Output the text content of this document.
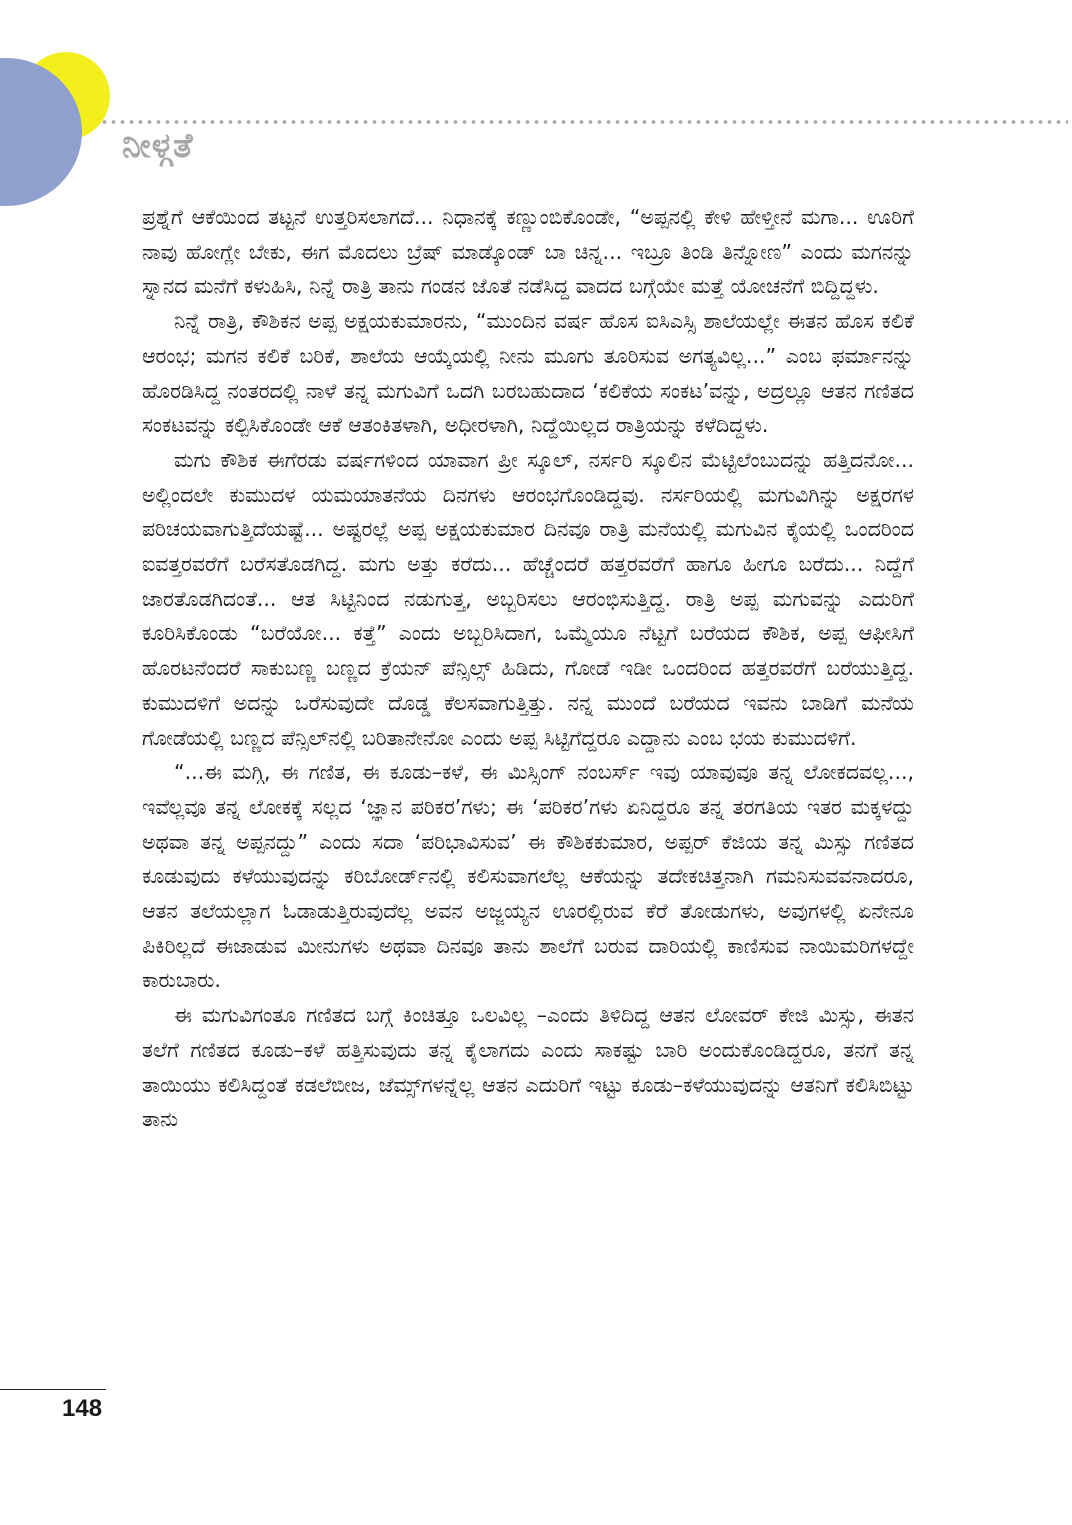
ನೀಳ್ಗತೆ

ಪ್ರಶ್ನೆಗೆ ಆಕೆಯಿಂದ ತಟ್ಟನೆ ಉತ್ತರಿಸಲಾಗದೆ... ನಿಧಾನಕ್ಕೆ ಕಣ್ಣುಂಬಿಕೊಂಡೇ, “ಅಪ್ಪನಲ್ಲಿ ಕೇಳಿ ಹೇಳ್ತೀನೆ ಮಗಾ... ಊರಿಗೆ ನಾವು ಹೋಗ್ಲೇ ಬೇಕು, ಈಗ ಮೊದಲು ಬ್ರೆಷ್ ಮಾಡ್ಕೊಂಡ್ ಬಾ ಚಿನ್ನ... ಇಬ್ರೂ ತಿಂಡಿ ತಿನ್ನೋಣ” ಎಂದು ಮಗನನ್ನು ಸ್ನಾನದ ಮನೆಗೆ ಕಳುಹಿಸಿ, ನಿನ್ನೆ ರಾತ್ರಿ ತಾನು ಗಂಡನ ಜೊತೆ ನಡೆಸಿದ್ದ ವಾದದ ಬಗ್ಗೆಯೇ ಮತ್ತೆ ಯೋಚನೆಗೆ ಬಿದ್ದಿದ್ದಳು.

ನಿನ್ನೆ ರಾತ್ರಿ, ಕೌಶಿಕನ ಅಪ್ಪ ಅಕ್ಷಯಕುಮಾರನು, “ಮುಂದಿನ ವರ್ಷ ಹೊಸ ಐಸಿಎಸ್ಸಿ ಶಾಲೆಯಲ್ಲೇ ಈತನ ಹೊಸ ಕಲಿಕೆ ಆರಂಭ; ಮಗನ ಕಲಿಕೆ ಬರಿಕೆ, ಶಾಲೆಯ ಆಯ್ಕೆಯಲ್ಲಿ ನೀನು ಮೂಗು ತೂರಿಸುವ ಅಗತ್ಯವಿಲ್ಲ...” ಎಂಬ ಫರ್ಮಾನನ್ನು ಹೊರಡಿಸಿದ್ದ ನಂತರದಲ್ಲಿ ನಾಳೆ ತನ್ನ ಮಗುವಿಗೆ ಒದಗಿ ಬರಬಹುದಾದ ‘ಕಲಿಕೆಯ ಸಂಕಟ’ವನ್ನು, ಅದ್ರಲ್ಲೂ ಆತನ ಗಣಿತದ ಸಂಕಟವನ್ನು ಕಲ್ಪಿಸಿಕೊಂಡೇ ಆಕೆ ಆತಂಕಿತಳಾಗಿ, ಅಧೀರಳಾಗಿ, ನಿದ್ದೆಯಿಲ್ಲದ ರಾತ್ರಿಯನ್ನು ಕಳೆದಿದ್ದಳು.

ಮಗು ಕೌಶಿಕ ಈಗೆರಡು ವರ್ಷಗಳಿಂದ ಯಾವಾಗ ಪ್ರೀ ಸ್ಕೂಲ್, ನರ್ಸರಿ ಸ್ಕೂಲಿನ ಮೆಟ್ಟಿಲೆಂಬುದನ್ನು ಹತ್ತಿದನೋ... ಅಲ್ಲಿಂದಲೇ ಕುಮುದಳ ಯಮಯಾತನೆಯ ದಿನಗಳು ಆರಂಭಗೊಂಡಿದ್ದವು. ನರ್ಸರಿಯಲ್ಲಿ ಮಗುವಿಗಿನ್ನು ಅಕ್ಷರಗಳ ಪರಿಚಯವಾಗುತ್ತಿದೆಯಷ್ಟೆ... ಅಷ್ಟರಲ್ಲೆ ಅಪ್ಪ ಅಕ್ಷಯಕುಮಾರ ದಿನವೂ ರಾತ್ರಿ ಮನೆಯಲ್ಲಿ ಮಗುವಿನ ಕೈಯಲ್ಲಿ ಒಂದರಿಂದ ಐವತ್ತರವರೆಗೆ ಬರೆಸತೊಡಗಿದ್ದ. ಮಗು ಅತ್ತು ಕರೆದು... ಹೆಚ್ಚೆಂದರೆ ಹತ್ತರವರೆಗೆ ಹಾಗೂ ಹೀಗೂ ಬರೆದು... ನಿದ್ದೆಗೆ ಜಾರತೊಡಗಿದಂತೆ... ಆತ ಸಿಟ್ಟಿನಿಂದ ನಡುಗುತ್ತ, ಅಬ್ಬರಿಸಲು ಆರಂಭಿಸುತ್ತಿದ್ದ. ರಾತ್ರಿ ಅಪ್ಪ ಮಗುವನ್ನು ಎದುರಿಗೆ ಕೂರಿಸಿಕೊಂಡು “ಬರೆಯೋ... ಕತ್ತೆ” ಎಂದು ಅಬ್ಬರಿಸಿದಾಗ, ಒಮ್ಮೆಯೂ ನೆಟ್ಟಗೆ ಬರೆಯದ ಕೌಶಿಕ, ಅಪ್ಪ ಆಫೀಸಿಗೆ ಹೊರಟನೆಂದರೆ ಸಾಕುಬಣ್ಣ ಬಣ್ಣದ ಕ್ರೆಯನ್ ಪೆನ್ಸಿಲ್ಸ್ ಹಿಡಿದು, ಗೋಡೆ ಇಡೀ ಒಂದರಿಂದ ಹತ್ತರವರೆಗೆ ಬರೆಯುತ್ತಿದ್ದ. ಕುಮುದಳಿಗೆ ಅದನ್ನು ಒರೆಸುವುದೇ ದೊಡ್ಡ ಕೆಲಸವಾಗುತ್ತಿತ್ತು. ನನ್ನ ಮುಂದೆ ಬರೆಯದ ಇವನು ಬಾಡಿಗೆ ಮನೆಯ ಗೋಡೆಯಲ್ಲಿ ಬಣ್ಣದ ಪೆನ್ಸಿಲ್‌ನಲ್ಲಿ ಬರಿತಾನೇನೋ ಎಂದು ಅಪ್ಪ ಸಿಟ್ಟಿಗೆದ್ದರೂ ಎದ್ದಾನು ಎಂಬ ಭಯ ಕುಮುದಳಿಗೆ.

“...ಈ ಮಗ್ಗಿ, ಈ ಗಣಿತ, ಈ ಕೂಡು–ಕಳೆ, ಈ ಮಿಸ್ಸಿಂಗ್ ನಂಬರ್ಸ್ ಇವು ಯಾವುವೂ ತನ್ನ ಲೋಕದವಲ್ಲ..., ಇವೆಲ್ಲವೂ ತನ್ನ ಲೋಕಕ್ಕೆ ಸಲ್ಲದ ‘ಜ್ಞಾನ ಪರಿಕರ’ಗಳು; ಈ ‘ಪರಿಕರ’ಗಳು ಏನಿದ್ದರೂ ತನ್ನ ತರಗತಿಯ ಇತರ ಮಕ್ಕಳದ್ದು ಅಥವಾ ತನ್ನ ಅಪ್ಪನದ್ದು” ಎಂದು ಸದಾ ‘ಪರಿಭಾವಿಸುವ’ ಈ ಕೌಶಿಕಕುಮಾರ, ಅಪ್ಪರ್ ಕೆಜಿಯ ತನ್ನ ಮಿಸ್ಸು ಗಣಿತದ ಕೂಡುವುದು ಕಳೆಯುವುದನ್ನು ಕರಿಬೋರ್ಡ್‌ನಲ್ಲಿ ಕಲಿಸುವಾಗಲೆಲ್ಲ ಆಕೆಯನ್ನು ತದೇಕಚಿತ್ತನಾಗಿ ಗಮನಿಸುವವನಾದರೂ, ಆತನ ತಲೆಯಲ್ಲಾಗ ಓಡಾಡುತ್ತಿರುವುದೆಲ್ಲ ಅವನ ಅಜ್ಜಯ್ಯನ ಊರಲ್ಲಿರುವ ಕೆರೆ ತೋಡುಗಳು, ಅವುಗಳಲ್ಲಿ ಏನೇನೂ ಪಿಕಿರಿಲ್ಲದೆ ಈಜಾಡುವ ಮೀನುಗಳು ಅಥವಾ ದಿನವೂ ತಾನು ಶಾಲೆಗೆ ಬರುವ ದಾರಿಯಲ್ಲಿ ಕಾಣಿಸುವ ನಾಯಿಮರಿಗಳದ್ದೇ ಕಾರುಬಾರು.

ಈ ಮಗುವಿಗಂತೂ ಗಣಿತದ ಬಗ್ಗೆ ಕಿಂಚಿತ್ತೂ ಒಲವಿಲ್ಲ –ಎಂದು ತಿಳಿದಿದ್ದ ಆತನ ಲೋವರ್ ಕೇಜಿ ಮಿಸ್ಸು, ಈತನ ತಲೆಗೆ ಗಣಿತದ ಕೂಡು–ಕಳೆ ಹತ್ತಿಸುವುದು ತನ್ನ ಕೈಲಾಗದು ಎಂದು ಸಾಕಷ್ಟು ಬಾರಿ ಅಂದುಕೊಂಡಿದ್ದರೂ, ತನಗೆ ತನ್ನ ತಾಯಿಯು ಕಲಿಸಿದ್ದಂತೆ ಕಡಲೆಬೀಜ, ಜೆಮ್ಸ್‌ಗಳನ್ನೆಲ್ಲ ಆತನ ಎದುರಿಗೆ ಇಟ್ಟು ಕೂಡು–ಕಳೆಯುವುದನ್ನು ಆತನಿಗೆ ಕಲಿಸಿಬಿಟ್ಟು ತಾನು

148
